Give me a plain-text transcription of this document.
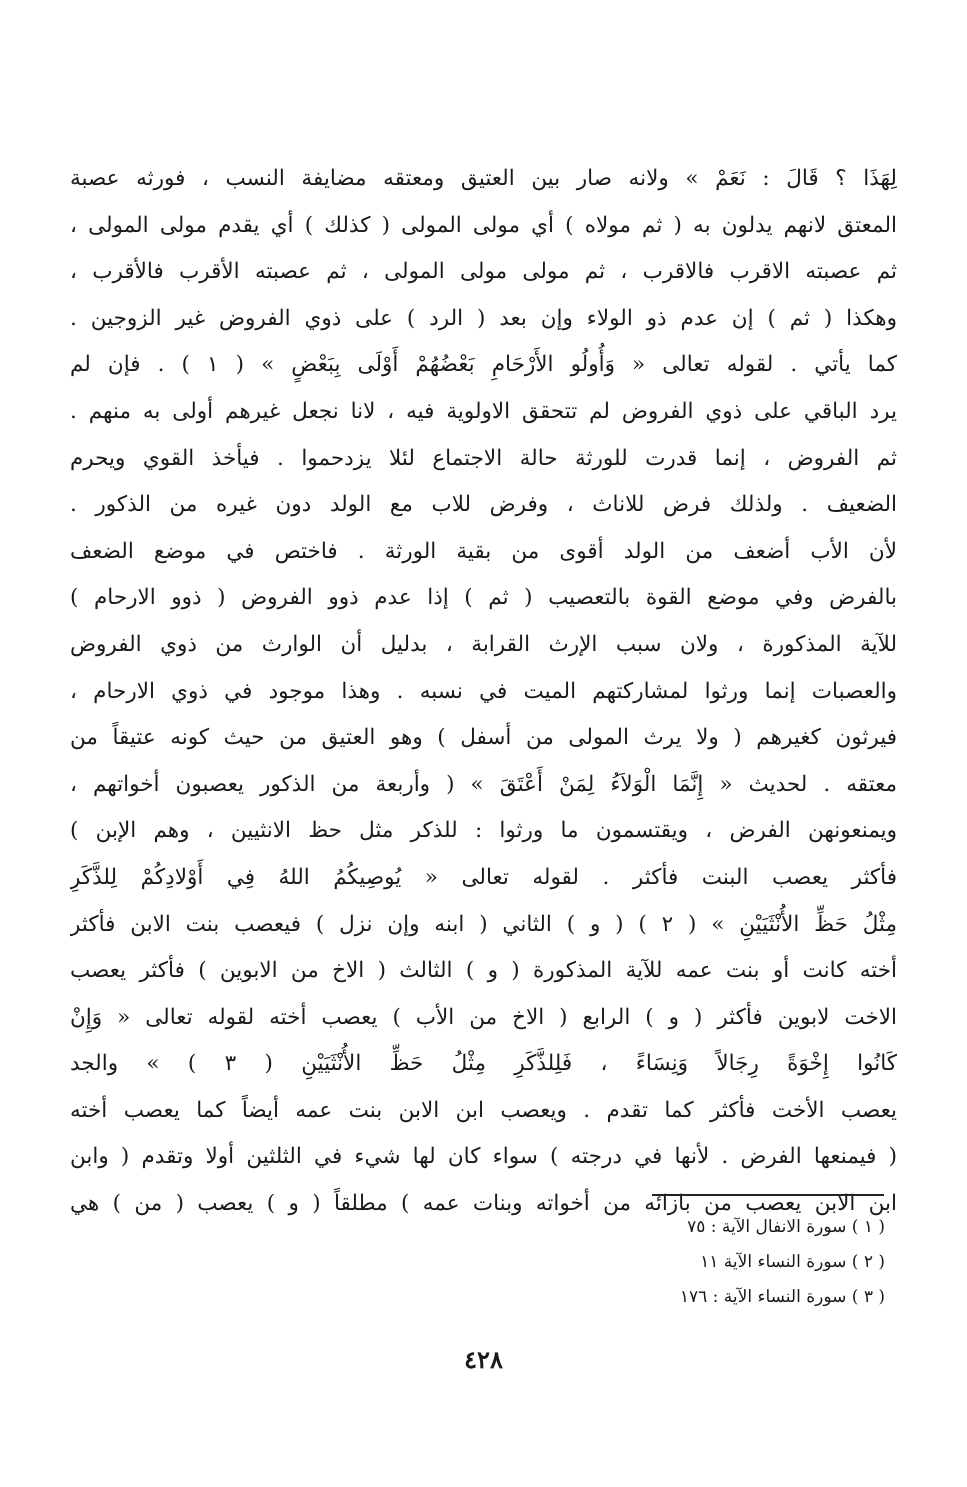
لِهَذَا ؟ قَالَ : نَعَمْ » ولانه صار بين العتيق ومعتقه مضايفة النسب ، فورثه عصبة
المعتق لانهم يدلون به ( ثم مولاه ) أي مولى المولى ( كذلك ) أي يقدم مولى المولى ،
ثم عصبته الاقرب فالاقرب ، ثم مولى مولى المولى ، ثم عصبته الأقرب فالأقرب ،
وهكذا ( ثم ) إن عدم ذو الولاء وإن بعد ( الرد ) على ذوي الفروض غير الزوجين .
كما يأتي . لقوله تعالى « وَأُولُو الأَرْحَامِ بَعْضُهُمْ أَوْلَى بِبَعْضٍ » ( ١ ) . فإن لم
يرد الباقي على ذوي الفروض لم تتحقق الاولوية فيه ، لانا نجعل غيرهم أولى به منهم .
ثم الفروض ، إنما قدرت للورثة حالة الاجتماع لئلا يزدحموا . فيأخذ القوي ويحرم
الضعيف . ولذلك فرض للاناث ، وفرض للاب مع الولد دون غيره من الذكور .
لأن الأب أضعف من الولد أقوى من بقية الورثة . فاختص في موضع الضعف
بالفرض وفي موضع القوة بالتعصيب ( ثم ) إذا عدم ذوو الفروض ( ذوو الارحام )
للآية المذكورة ، ولان سبب الإرث القرابة ، بدليل أن الوارث من ذوي الفروض
والعصبات إنما ورثوا لمشاركتهم الميت في نسبه . وهذا موجود في ذوي الارحام ،
فيرثون كغيرهم ( ولا يرث المولى من أسفل ) وهو العتيق من حيث كونه عتيقاً من
معتقه . لحديث « إِنَّمَا الْوَلاَءُ لِمَنْ أَعْتَقَ » ( وأربعة من الذكور يعصبون أخواتهم ،
ويمنعونهن الفرض ، ويقتسمون ما ورثوا : للذكر مثل حظ الانثيين ، وهم الإبن )
فأكثر يعصب البنت فأكثر . لقوله تعالى « يُوصِيكُمُ اللهُ فِي أَوْلادِكُمْ لِلذَّكَرِ
مِثْلُ حَظِّ الأُنْثَيَيْنِ » ( ٢ ) ( و ) الثاني ( ابنه وإن نزل ) فيعصب بنت الابن فأكثر
أخته كانت أو بنت عمه للآية المذكورة ( و ) الثالث ( الاخ من الابوين ) فأكثر يعصب
الاخت لابوين فأكثر ( و ) الرابع ( الاخ من الأب ) يعصب أخته لقوله تعالى « وَإِنْ
كَانُوا إِخْوَةً رِجَالاً وَنِسَاءً ، فَلِلذَّكَرِ مِثْلُ حَظِّ الأُنْثَيَيْنِ ( ٣ ) » والجد
يعصب الأخت فأكثر كما تقدم . ويعصب ابن الابن بنت عمه أيضاً كما يعصب أخته
( فيمنعها الفرض . لأنها في درجته ) سواء كان لها شيء في الثلثين أولا وتقدم ( وابن
ابن الابن يعصب من بازائه من أخواته وبنات عمه ) مطلقاً ( و ) يعصب ( من ) هي
( ١ ) سورة الانفال الآية : ٧٥
( ٢ ) سورة النساء الآية ١١
( ٣ ) سورة النساء الآية : ١٧٦
٤٢٨
